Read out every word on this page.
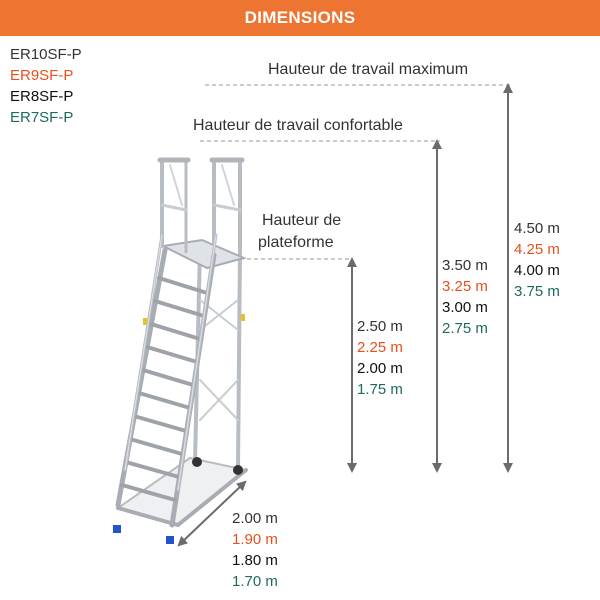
DIMENSIONS
ER10SF-P
ER9SF-P
ER8SF-P
ER7SF-P
Hauteur de travail maximum
Hauteur de travail confortable
Hauteur de
plateforme
4.50 m
4.25 m
4.00 m
3.75 m
3.50 m
3.25 m
3.00 m
2.75 m
2.50 m
2.25 m
2.00 m
1.75 m
2.00 m
1.90 m
1.80 m
1.70 m
